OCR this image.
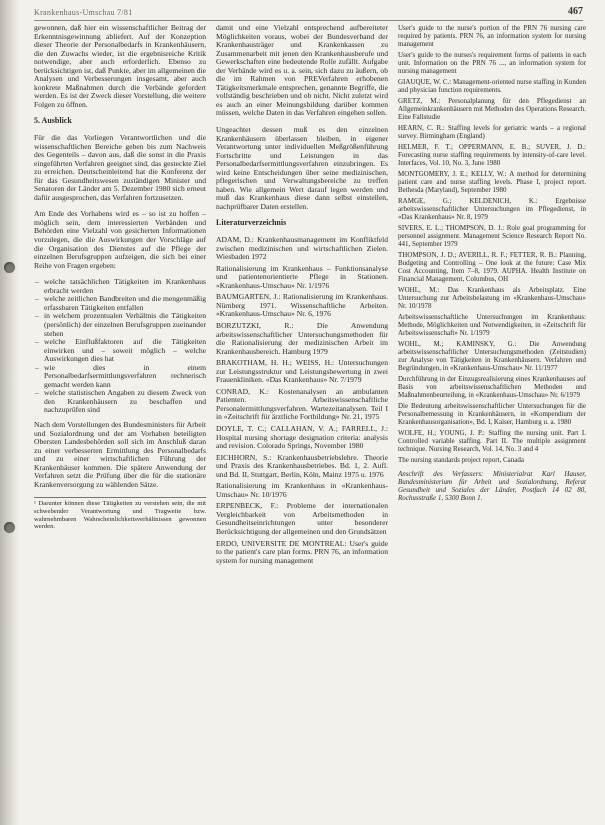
Krankenhaus-Umschau 7/81	467

gewonnen, daß hier ein wissenschaftlicher Beitrag der Erkenntnisgewinnung abliefert. Auf der Konzeption dieser Theorie der Personalbedarfs in Krankenhäusern, die den Zuwachs wieder, ist die ergebnisreiche Kritik notwendige, aber auch erforderlich. Ebenso zu berücksichtigen ist, daß Punkte, aber im allgemeinen die Analysen und Verbesserungen insgesamt, aber auch konkrete Maßnahmen durch die Verbände gefordert werden. Es ist der Zweck dieser Vorstellung, die weitere Folgen zu öffnen.

5. Ausblick

Für die das Vorliegen Verantwortlichen und die wissenschaftlichen Bereiche geben bis zum Nachweis des Gegenteils – davon aus, daß die sonst in die Praxis eingeführten Verfahren geeignet sind, das gesteckte Ziel zu erreichen. Deutscheinleitend hat die Konferenz der für das Gesundheitswesen zuständigen Minister und Senatoren der Länder am 5. Dezember 1980 sich erneut dafür ausgesprochen, das Verfahren fortzusetzen.

Am Ende des Vorhabens wird es – so ist zu hoffen – möglich sein, dem interessierten Verbänden und Behörden eine Vielzahl von gesicherten Informationen vorzulegen, die die Auswirkungen der Vorschläge auf die Organisation des Dienstes auf die Pflege der einzelnen Berufsgruppen aufzeigen, die sich bei einer Reihe von Fragen ergeben:

– welche tatsächlichen Tätigkeiten im Krankenhaus erbracht werden
– welche zeitlichen Bandbreiten und die mengenmäßig erfassbaren Tätigkeiten entfallen
– in welchem prozentualen Verhältnis die Tätigkeiten (persönlich) der einzelnen Berufsgruppen zueinander stehen
– welche Einflußfaktoren auf die Tätigkeiten einwirken und – soweit möglich – welche Auswirkungen dies hat
– wie dies in einem Personalbedarfsermittlungsverfahren rechnerisch gemacht werden kann
– welche statistischen Angaben zu diesem Zweck von den Krankenhäusern zu beschaffen und nachzuprüfen sind

Nach dem Vorstellungen des Bundesministers für Arbeit und Sozialordnung und der am Vorhaben beteiligten Obersten Landesbehörden soll sich im Anschluß daran zu einer verbesserten Ermittlung des Personalbedarfs und zu einer wirtschaftlichen Führung der Krankenhäuser kommen. Die spätere Anwendung der Verfahren setzt die Prüfung über die für die stationäre Krankenversorgung zu wählenden Sätze.

¹ Darunter können diese Tätigkeiten zu verstehen sein, die mit schwebender Verantwortung und Tragweite bzw. wahrnehmbaren Wahrscheinlichkeitsverhältnissen gewonnen werden.

damit und eine Vielzahl entsprechend aufbereiteter Möglichkeiten voraus, wobei der Bundesverband der Krankenhausträger und Krankenkassen zu Zusammenarbeit mit jenen den Krankenhausberufe und Gewerkschaften eine bedeutende Rolle zufällt. Aufgabe der Verbände wird es u. a. sein, sich dazu zu äußern, ob die im Rahmen von PREVerfahren erhobenen Tätigkeitsmerkmale entsprechen, genannte Begriffe, die vollständig beschrieben und ob nicht. Nicht zuletzt wird es auch an einer Meinungsbildung darüber kommen müssen, welche Daten in das Verfahren eingehen sollen.

Ungeachtet dessen muß es den einzelnen Krankenhäusern überlassen bleiben, in eigener Verantwortung unter individuellen Meßgrößenführung Fortschritte und Leistungen in das Personalbedarfsermittlungsverfahren einzubringen. Es wird keine Entscheidungen über seine medizinischen, pflegerischen und Verwaltungsbereiche zu treffen haben. Wie allgemein Wert darauf legen werden und muß das Krankenhaus diese dann selbst einstellen, nachprüfbarer Daten erstellen.

Literaturverzeichnis

ADAM, D.: Krankenhausmanagement im Konfliktfeld zwischen medizinischen und wirtschaftlichen Zielen. Wiesbaden 1972

Rationalisierung im Krankenhaus – Funktionsanalyse und patientenorientierte Pflege in Stationen. «Krankenhaus-Umschau» Nr. 1/1976

BAUMGARTEN, J.: Rationalisierung im Krankenhaus. Nürnberg 1971. Wissenschaftliche Arbeiten. «Krankenhaus-Umschau» Nr. 6, 1976

BORZUTZKI, R.: Die Anwendung arbeitswissenschaftlicher Untersuchungsmethoden für die Rationalisierung der medizinischen Arbeit im Krankenhausbereich. Hamburg 1979

BRAKOTHAM, H. H.; WEISS, H.: Untersuchungen zur Leistungsstruktur und Leistungsbewertung in zwei Frauenkliniken. «Das Krankenhaus» Nr. 7/1979

CONRAD, K.: Kostenanalysen an ambulanten Patienten. Arbeitswissenschaftliche Personalermittlungsverfahren. Wartezeitanalysen. Teil I in «Zeitschrift für ärztliche Fortbildung» Nr. 21, 1975

DOYLE, T. C.; CALLAHAN, V. A.; FARRELL, J.: Hospital nursing shortage designation criteria: analysis and revision. Colorado Springs, November 1980

EICHHORN, S.: Krankenhausbetriebslehre. Theorie und Praxis des Krankenhausbetriebes. Bd. 1, 2. Aufl. und Bd. II, Stuttgart, Berlin, Köln, Mainz 1975 u. 1976

Rationalisierung im Krankenhaus in «Krankenhaus-Umschau» Nr. 10/1976

ERPENBECK, F.: Probleme der internationalen Vergleichbarkeit von Arbeitsmethoden in Gesundheitseinrichtungen unter besonderer Berücksichtigung der allgemeinen und den Grundsätzen

ERDO, UNIVERSITE DE MONTREAL: User's guide to the patient's care plan forms. PRN 76, an information system for nursing management

User's guide to the nurse's portion of the PRN 76 nursing care required by patients. PRN 76, an information system for nursing management

User's guide to the nurses's requirement forms of patients in each unit. Information on the PRN 76 ..., an information system for nursing management

GIAUQUE, W. C.: Management-oriented nurse staffing in Kunden and physician function requirements.

GRETZ, M.: Personalplanung für den Pflegedienst an Allgemeinkrankenhäusern mit Methoden des Operations Research. Eine Fallstudie

HEARN, C. R.: Staffing levels for geriatric wards – a regional survey. Birmingham (England)

HELMER, F. T.; OPPERMANN, E. B.; SUVER, J. D.: Forecasting nurse staffing requirements by intensity-of-care level. Interfaces, Vol. 10, No. 3, June 1980

MONTGOMERY, J. E.; KELLY, W.: A method for determining patient care and nurse staffing levels. Phase I, project report. Bethesda (Maryland), September 1980

RAMGE, G.; KELDENICH, K.: Ergebnisse arbeitswissenschaftlicher Untersuchungen im Pflegedienst, in «Das Krankenhaus» Nr. 8, 1979

SIVERS, E. L.; THOMPSON, D. J.: Role goal programming for personnel assignment. Management Science Research Report No. 441, September 1979

THOMPSON, J. D.; AVERILL, R. F.; FETTER, R. B.: Planning, Budgeting and Controlling – One look at the future: Case Mix Cost Accounting, Item 7–8, 1979. AUPHA. Health Institute on Financial Management, Columbus, OH

WOHL, M.: Das Krankenhaus als Arbeitsplatz. Eine Untersuchung zur Arbeitsbelastung im «Krankenhaus-Umschau» Nr. 10/1978

Arbeitswissenschaftliche Untersuchungen im Krankenhaus: Methode, Möglichkeiten und Notwendigkeiten, in «Zeitschrift für Arbeitswissenschaft» Nr. 1/1979

WOHL, M.; KAMINSKY, G.: Die Anwendung arbeitswissenschaftlicher Untersuchungsmethoden (Zeitstudien) zur Analyse von Tätigkeiten in Krankenhäusern. Verfahren und Begründungen, in «Krankenhaus-Umschau» Nr. 11/1977

Durchführung in der Einzugsrealisierung eines Krankenhauses auf Basis von arbeitswissenschaftlichen Methoden und Maßnahmenbeurteilung, in «Krankenhaus-Umschau» Nr. 6/1979

Die Bedeutung arbeitswissenschaftlicher Untersuchungen für die Personalbemessung in Krankenhäusern, in «Kompendium der Krankenhausorganisation», Bd. I, Kaiser, Hamburg u. a. 1980

WOLFE, H.; YOUNG, J. P.: Staffing the nursing unit. Part I. Controlled variable staffing. Part II. The multiple assignment technique. Nursing Research, Vol. 14, No. 3 and 4

The nursing standards project report, Canada

Anschrift des Verfassers: Ministerialrat Karl Hauser, Bundesministerium für Arbeit und Sozialordnung, Referat Gesundheit und Soziales der Länder, Postfach 14 02 80, Rochusstraße 1, 5300 Bonn 1.
